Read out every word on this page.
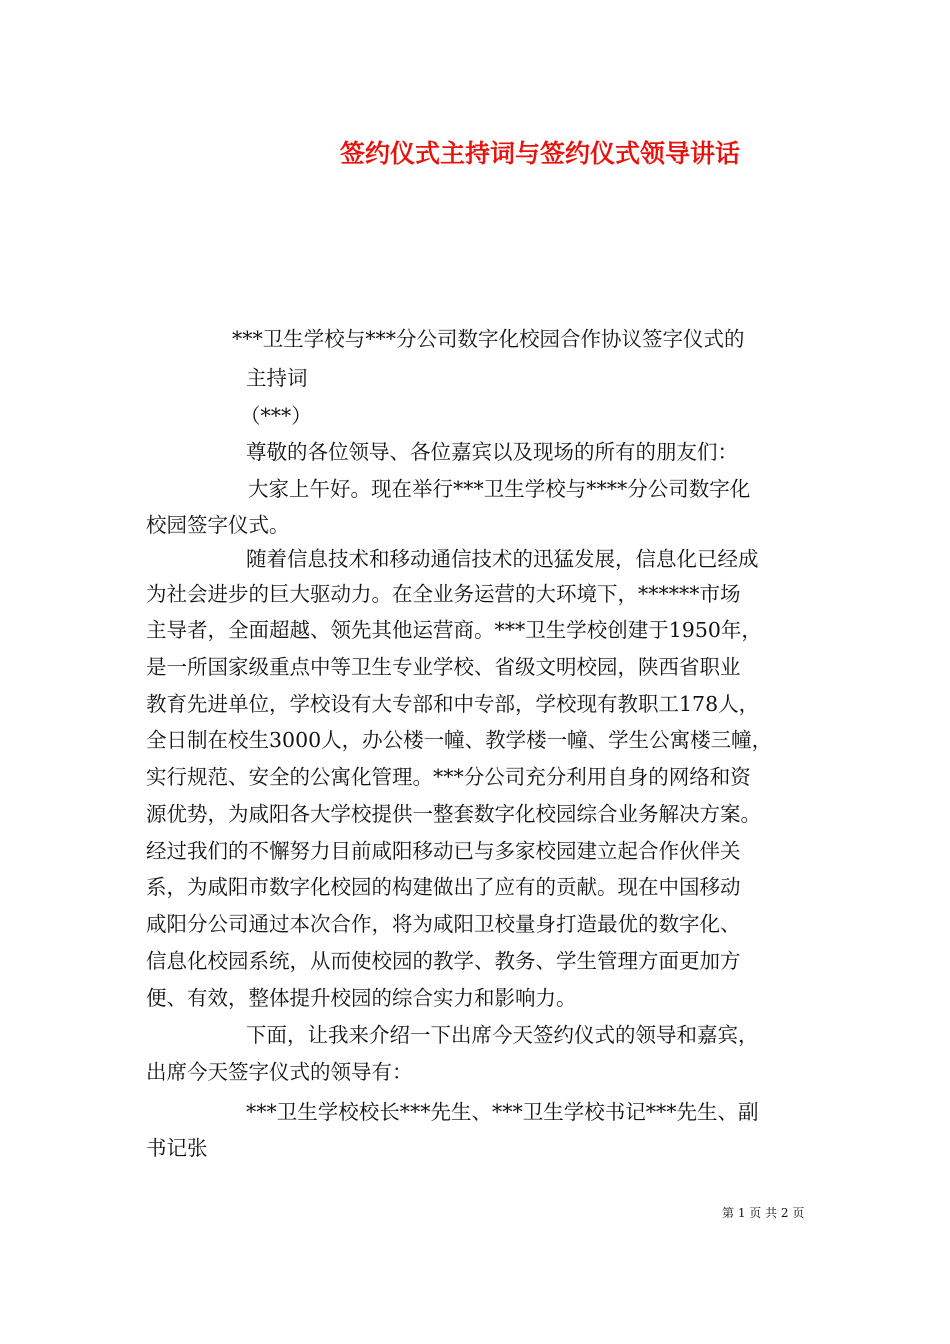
签约仪式主持词与签约仪式领导讲话
***卫生学校与***分公司数字化校园合作协议签字仪式的
主持词
（***）
尊敬的各位领导、各位嘉宾以及现场的所有的朋友们：
大家上午好。现在举行***卫生学校与****分公司数字化
校园签字仪式。
随着信息技术和移动通信技术的迅猛发展，信息化已经成
为社会进步的巨大驱动力。在全业务运营的大环境下，******市场
主导者，全面超越、领先其他运营商。***卫生学校创建于1950年，
是一所国家级重点中等卫生专业学校、省级文明校园，陕西省职业
教育先进单位，学校设有大专部和中专部，学校现有教职工178人，
全日制在校生3000人，办公楼一幢、教学楼一幢、学生公寓楼三幢，
实行规范、安全的公寓化管理。***分公司充分利用自身的网络和资
源优势，为咸阳各大学校提供一整套数字化校园综合业务解决方案。
经过我们的不懈努力目前咸阳移动已与多家校园建立起合作伙伴关
系，为咸阳市数字化校园的构建做出了应有的贡献。现在中国移动
咸阳分公司通过本次合作，将为咸阳卫校量身打造最优的数字化、
信息化校园系统，从而使校园的教学、教务、学生管理方面更加方
便、有效，整体提升校园的综合实力和影响力。
下面，让我来介绍一下出席今天签约仪式的领导和嘉宾，
出席今天签字仪式的领导有：
***卫生学校校长***先生、***卫生学校书记***先生、副
书记张
第 1 页 共 2 页
